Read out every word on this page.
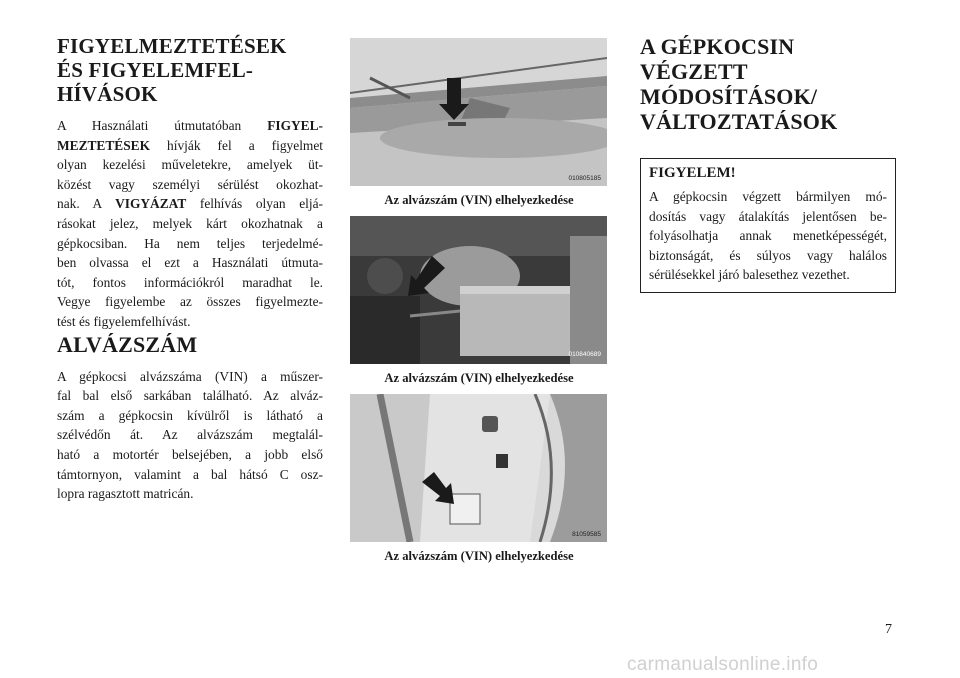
FIGYELMEZTETÉSEK
ÉS FIGYELEMFEL-
HÍVÁSOK

A Használati útmutatóban FIGYEL-
MEZTETÉSEK hívják fel a figyelmet
olyan kezelési műveletekre, amelyek üt-
közést vagy személyi sérülést okozhat-
nak. A VIGYÁZAT felhívás olyan eljá-
rásokat jelez, melyek kárt okozhatnak a
gépkocsiban. Ha nem teljes terjedelmé-
ben olvassa el ezt a Használati útmuta-
tót, fontos információkról maradhat le.
Vegye figyelembe az összes figyelmezte-
tést és figyelemfelhívást.

ALVÁZSZÁM

A gépkocsi alvázszáma (VIN) a műszer-
fal bal első sarkában található. Az alváz-
szám a gépkocsin kívülről is látható a
szélvédőn át. Az alvázszám megtalál-
ható a motortér belsejében, a jobb első
támtornyon, valamint a bal hátsó C osz-
lopra ragasztott matricán.

010805185
Az alvázszám (VIN) elhelyezkedése
010840689
Az alvázszám (VIN) elhelyezkedése
81059585
Az alvázszám (VIN) elhelyezkedése
A GÉPKOCSIN
VÉGZETT
MÓDOSÍTÁSOK/
VÁLTOZTATÁSOK
FIGYELEM!

A gépkocsin végzett bármilyen mó-
dosítás vagy átalakítás jelentősen be-
folyásolhatja annak menetképességét,
biztonságát, és súlyos vagy halálos
sérülésekkel járó balesethez vezethet.

7
carmanualsonline.info
